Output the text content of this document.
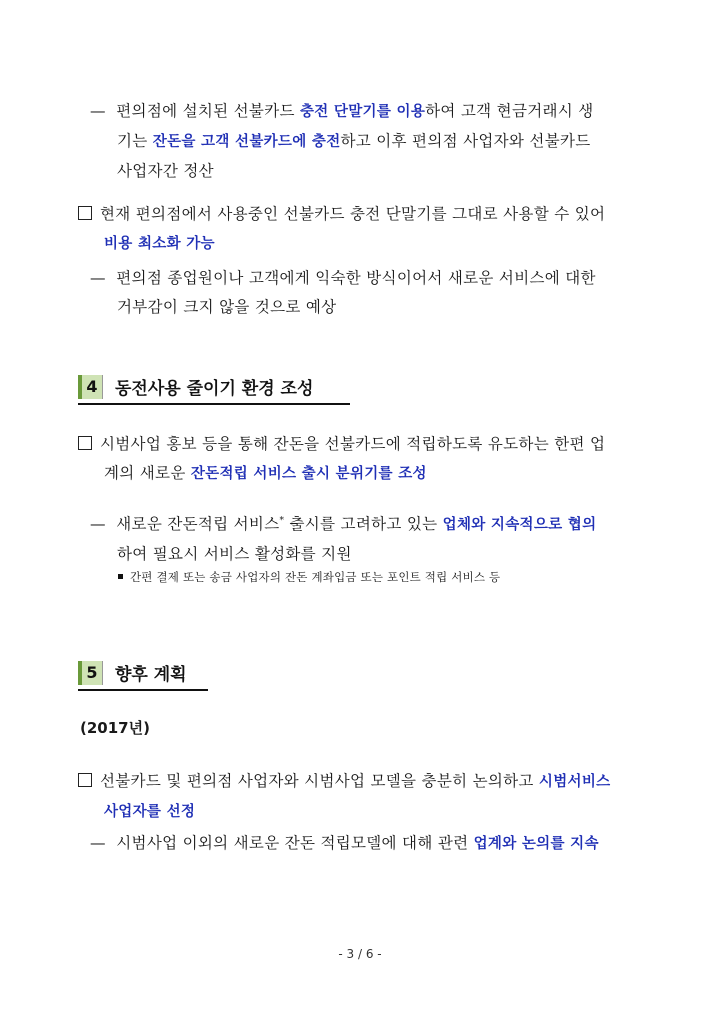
— 편의점에 설치된 선불카드 충전 단말기를 이용하여 고객 현금거래시 생
기는 잔돈을 고객 선불카드에 충전하고 이후 편의점 사업자와 선불카드
사업자간 정산
현재 편의점에서 사용중인 선불카드 충전 단말기를 그대로 사용할 수 있어
비용 최소화 가능
— 편의점 종업원이나 고객에게 익숙한 방식이어서 새로운 서비스에 대한
거부감이 크지 않을 것으로 예상
4	동전사용 줄이기 환경 조성
시범사업 홍보 등을 통해 잔돈을 선불카드에 적립하도록 유도하는 한편 업
계의 새로운 잔돈적립 서비스 출시 분위기를 조성
— 새로운 잔돈적립 서비스* 출시를 고려하고 있는 업체와 지속적으로 협의
하여 필요시 서비스 활성화를 지원
간편 결제 또는 송금 사업자의 잔돈 계좌입금 또는 포인트 적립 서비스 등
5	향후 계획
(2017년)
선불카드 및 편의점 사업자와 시범사업 모델을 충분히 논의하고 시범서비스
사업자를 선정
— 시범사업 이외의 새로운 잔돈 적립모델에 대해 관련 업계와 논의를 지속
- 3 / 6 -
